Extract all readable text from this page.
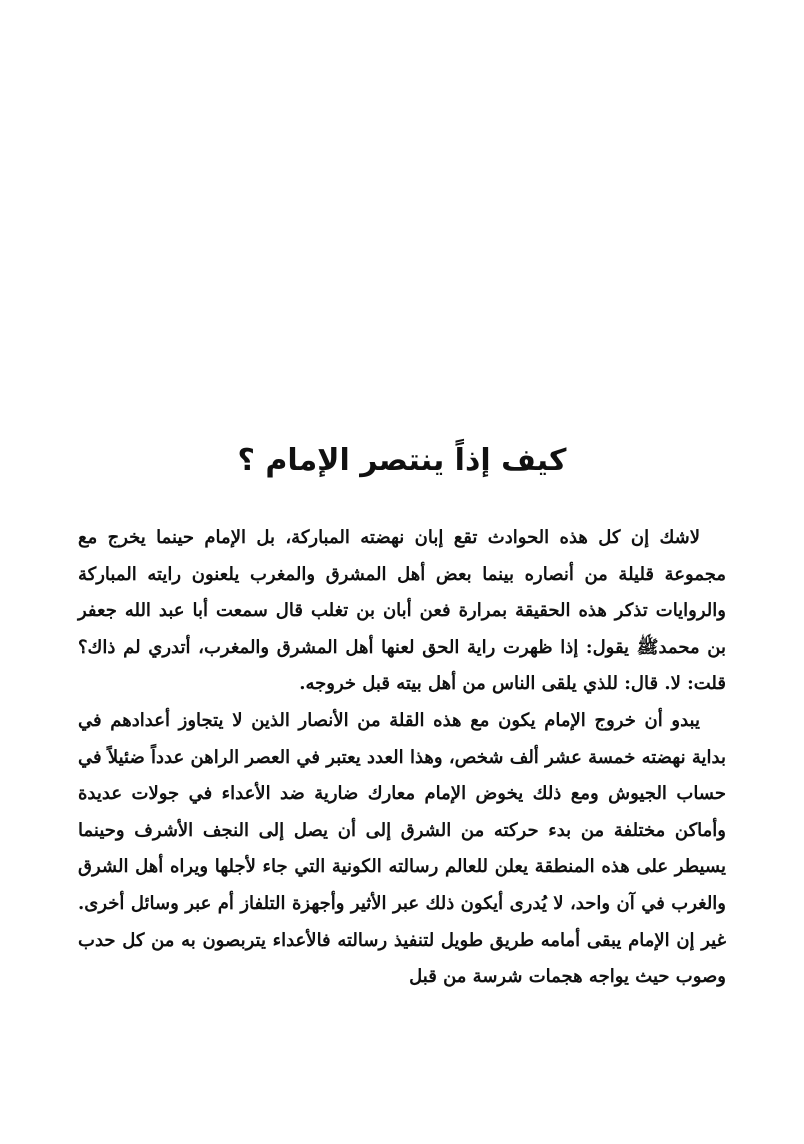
كيف إذاً ينتصر الإمام ؟

لاشك إن كل هذه الحوادث تقع إبان نهضته المباركة، بل الإمام حينما يخرج مع مجموعة قليلة من أنصاره بينما بعض أهل المشرق والمغرب يلعنون رايته المباركة والروايات تذكر هذه الحقيقة بمرارة فعن أبان بن تغلب قال سمعت أبا عبد الله جعفر بن محمدﷺ يقول: إذا ظهرت راية الحق لعنها أهل المشرق والمغرب، أتدري لم ذاك؟ قلت: لا. قال: للذي يلقى الناس من أهل بيته قبل خروجه.

يبدو أن خروج الإمام يكون مع هذه القلة من الأنصار الذين لا يتجاوز أعدادهم في بداية نهضته خمسة عشر ألف شخص، وهذا العدد يعتبر في العصر الراهن عدداً ضئيلاً في حساب الجيوش ومع ذلك يخوض الإمام معارك ضارية ضد الأعداء في جولات عديدة وأماكن مختلفة من بدء حركته من الشرق إلى أن يصل إلى النجف الأشرف وحينما يسيطر على هذه المنطقة يعلن للعالم رسالته الكونية التي جاء لأجلها ويراه أهل الشرق والغرب في آن واحد، لا يُدرى أيكون ذلك عبر الأثير وأجهزة التلفاز أم عبر وسائل أخرى. غير إن الإمام يبقى أمامه طريق طويل لتنفيذ رسالته فالأعداء يتربصون به من كل حدب وصوب حيث يواجه هجمات شرسة من قبل
